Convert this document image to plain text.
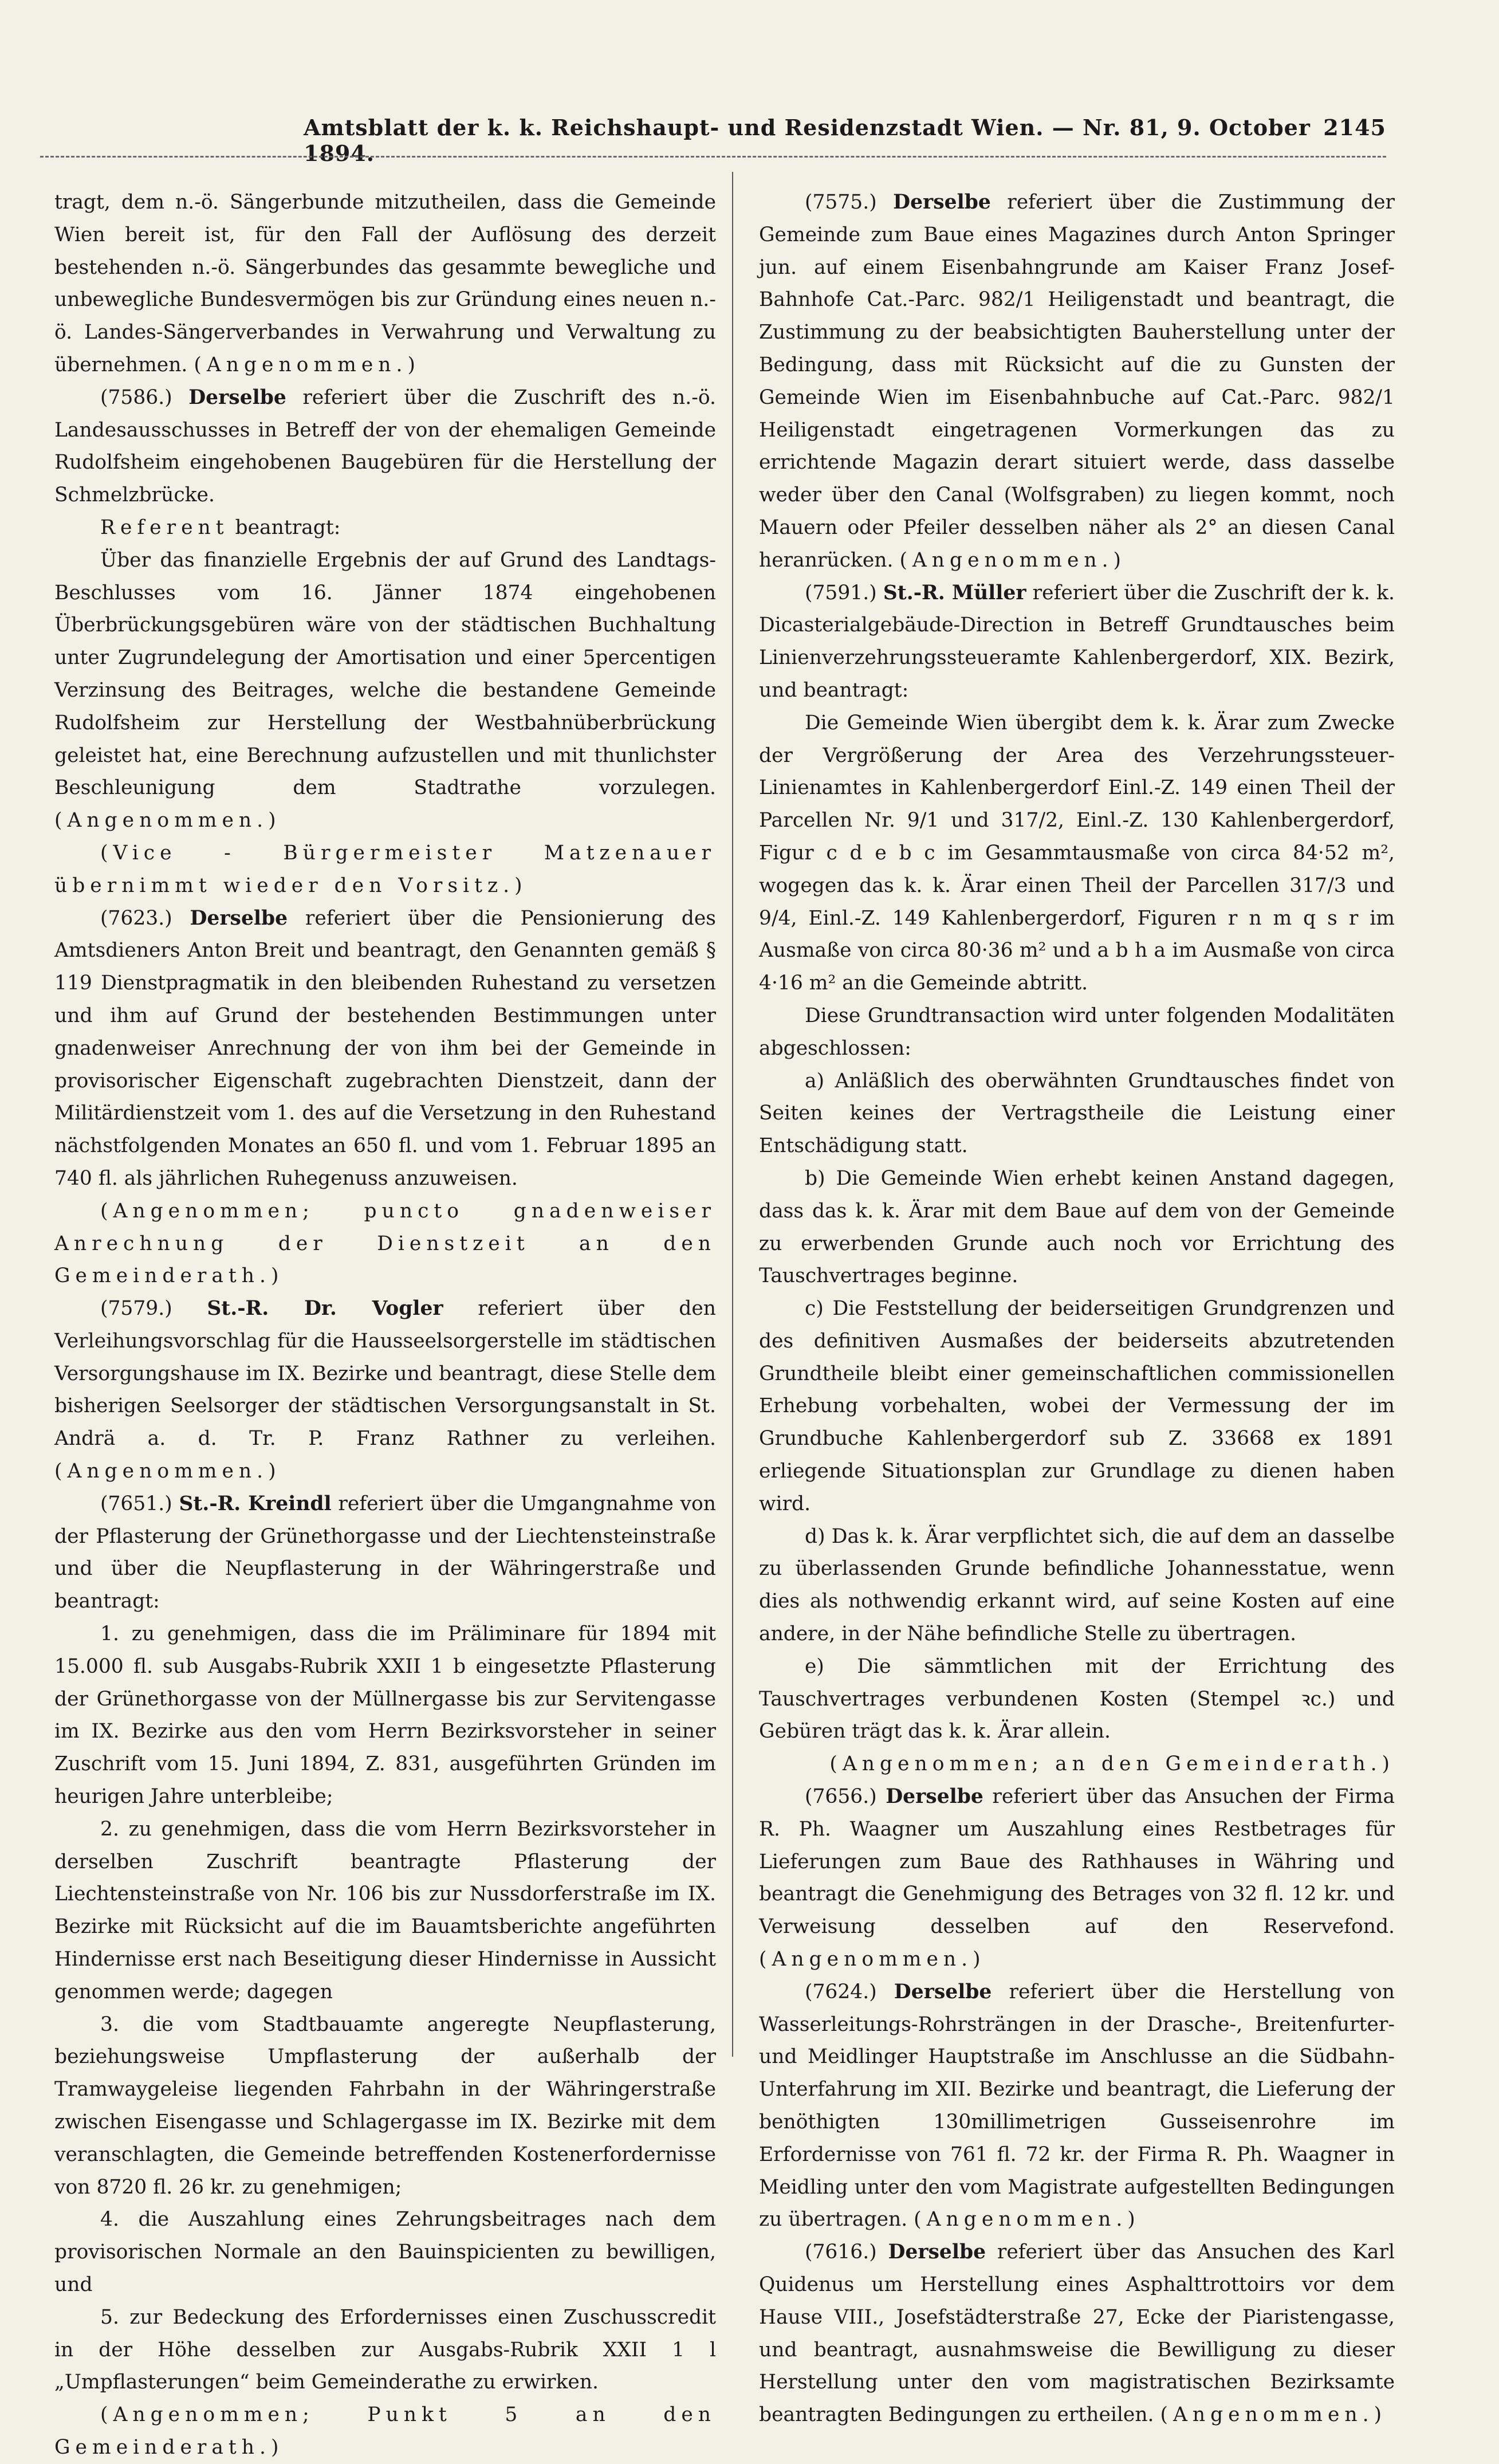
Amtsblatt der k. k. Reichshaupt- und Residenzstadt Wien. — Nr. 81, 9. October 1894.
2145

tragt, dem n.-ö. Sängerbunde mitzutheilen, dass die Gemeinde Wien bereit ist, für den Fall der Auflösung des derzeit bestehenden n.-ö. Sängerbundes das gesammte bewegliche und unbewegliche Bundesvermögen bis zur Gründung eines neuen n.-ö. Landes-Sängerverbandes in Verwahrung und Verwaltung zu übernehmen. (Angenommen.)

(7586.) Derselbe referiert über die Zuschrift des n.-ö. Landesausschusses in Betreff der von der ehemaligen Gemeinde Rudolfsheim eingehobenen Baugebüren für die Herstellung der Schmelzbrücke.

Referent beantragt:

Über das finanzielle Ergebnis der auf Grund des Landtags-Beschlusses vom 16. Jänner 1874 eingehobenen Überbrückungsgebüren wäre von der städtischen Buchhaltung unter Zugrundelegung der Amortisation und einer 5percentigen Verzinsung des Beitrages, welche die bestandene Gemeinde Rudolfsheim zur Herstellung der Westbahnüberbrückung geleistet hat, eine Berechnung aufzustellen und mit thunlichster Beschleunigung dem Stadtrathe vorzulegen. (Angenommen.)

(Vice - Bürgermeister Matzenauer übernimmt wieder den Vorsitz.)

(7623.) Derselbe referiert über die Pensionierung des Amtsdieners Anton Breit und beantragt, den Genannten gemäß § 119 Dienstpragmatik in den bleibenden Ruhestand zu versetzen und ihm auf Grund der bestehenden Bestimmungen unter gnadenweiser Anrechnung der von ihm bei der Gemeinde in provisorischer Eigenschaft zugebrachten Dienstzeit, dann der Militärdienstzeit vom 1. des auf die Versetzung in den Ruhestand nächstfolgenden Monates an 650 fl. und vom 1. Februar 1895 an 740 fl. als jährlichen Ruhegenuss anzuweisen.

(Angenommen; puncto gnadenweiser Anrechnung der Dienstzeit an den Gemeinderath.)

(7579.) St.-R. Dr. Vogler referiert über den Verleihungsvorschlag für die Hausseelsorgerstelle im städtischen Versorgungshause im IX. Bezirke und beantragt, diese Stelle dem bisherigen Seelsorger der städtischen Versorgungsanstalt in St. Andrä a. d. Tr. P. Franz Rathner zu verleihen. (Angenommen.)

(7651.) St.-R. Kreindl referiert über die Umgangnahme von der Pflasterung der Grünethorgasse und der Liechtensteinstraße und über die Neupflasterung in der Währingerstraße und beantragt:

1. zu genehmigen, dass die im Präliminare für 1894 mit 15.000 fl. sub Ausgabs-Rubrik XXII 1 b eingesetzte Pflasterung der Grünethorgasse von der Müllnergasse bis zur Servitengasse im IX. Bezirke aus den vom Herrn Bezirksvorsteher in seiner Zuschrift vom 15. Juni 1894, Z. 831, ausgeführten Gründen im heurigen Jahre unterbleibe;

2. zu genehmigen, dass die vom Herrn Bezirksvorsteher in derselben Zuschrift beantragte Pflasterung der Liechtensteinstraße von Nr. 106 bis zur Nussdorferstraße im IX. Bezirke mit Rücksicht auf die im Bauamtsberichte angeführten Hindernisse erst nach Beseitigung dieser Hindernisse in Aussicht genommen werde; dagegen

3. die vom Stadtbauamte angeregte Neupflasterung, beziehungsweise Umpflasterung der außerhalb der Tramwaygeleise liegenden Fahrbahn in der Währingerstraße zwischen Eisengasse und Schlagergasse im IX. Bezirke mit dem veranschlagten, die Gemeinde betreffenden Kostenerfordernisse von 8720 fl. 26 kr. zu genehmigen;

4. die Auszahlung eines Zehrungsbeitrages nach dem provisorischen Normale an den Bauinspicienten zu bewilligen, und

5. zur Bedeckung des Erfordernisses einen Zuschusscredit in der Höhe desselben zur Ausgabs-Rubrik XXII 1 l „Umpflasterungen“ beim Gemeinderathe zu erwirken.

(Angenommen; Punkt 5 an den Gemeinderath.)

(7575.) Derselbe referiert über die Zustimmung der Gemeinde zum Baue eines Magazines durch Anton Springer jun. auf einem Eisenbahngrunde am Kaiser Franz Josef-Bahnhofe Cat.-Parc. 982/1 Heiligenstadt und beantragt, die Zustimmung zu der beabsichtigten Bauherstellung unter der Bedingung, dass mit Rücksicht auf die zu Gunsten der Gemeinde Wien im Eisenbahnbuche auf Cat.-Parc. 982/1 Heiligenstadt eingetragenen Vormerkungen das zu errichtende Magazin derart situiert werde, dass dasselbe weder über den Canal (Wolfsgraben) zu liegen kommt, noch Mauern oder Pfeiler desselben näher als 2° an diesen Canal heranrücken. (Angenommen.)

(7591.) St.-R. Müller referiert über die Zuschrift der k. k. Dicasterialgebäude-Direction in Betreff Grundtausches beim Linienverzehrungssteueramte Kahlenbergerdorf, XIX. Bezirk, und beantragt:

Die Gemeinde Wien übergibt dem k. k. Ärar zum Zwecke der Vergrößerung der Area des Verzehrungssteuer-Linienamtes in Kahlenbergerdorf Einl.-Z. 149 einen Theil der Parcellen Nr. 9/1 und 317/2, Einl.-Z. 130 Kahlenbergerdorf, Figur c d e b c im Gesammtausmaße von circa 84·52 m², wogegen das k. k. Ärar einen Theil der Parcellen 317/3 und 9/4, Einl.-Z. 149 Kahlenbergerdorf, Figuren r n m q s r im Ausmaße von circa 80·36 m² und a b h a im Ausmaße von circa 4·16 m² an die Gemeinde abtritt.

Diese Grundtransaction wird unter folgenden Modalitäten abgeschlossen:

a) Anläßlich des oberwähnten Grundtausches findet von Seiten keines der Vertragstheile die Leistung einer Entschädigung statt.

b) Die Gemeinde Wien erhebt keinen Anstand dagegen, dass das k. k. Ärar mit dem Baue auf dem von der Gemeinde zu erwerbenden Grunde auch noch vor Errichtung des Tauschvertrages beginne.

c) Die Feststellung der beiderseitigen Grundgrenzen und des definitiven Ausmaßes der beiderseits abzutretenden Grundtheile bleibt einer gemeinschaftlichen commissionellen Erhebung vorbehalten, wobei der Vermessung der im Grundbuche Kahlenbergerdorf sub Z. 33668 ex 1891 erliegende Situationsplan zur Grundlage zu dienen haben wird.

d) Das k. k. Ärar verpflichtet sich, die auf dem an dasselbe zu überlassenden Grunde befindliche Johannesstatue, wenn dies als nothwendig erkannt wird, auf seine Kosten auf eine andere, in der Nähe befindliche Stelle zu übertragen.

e) Die sämmtlichen mit der Errichtung des Tauschvertrages verbundenen Kosten (Stempel ꝛc.) und Gebüren trägt das k. k. Ärar allein.

(Angenommen; an den Gemeinderath.)

(7656.) Derselbe referiert über das Ansuchen der Firma R. Ph. Waagner um Auszahlung eines Restbetrages für Lieferungen zum Baue des Rathhauses in Währing und beantragt die Genehmigung des Betrages von 32 fl. 12 kr. und Verweisung desselben auf den Reservefond. (Angenommen.)

(7624.) Derselbe referiert über die Herstellung von Wasserleitungs-Rohrsträngen in der Drasche-, Breitenfurter- und Meidlinger Hauptstraße im Anschlusse an die Südbahn-Unterfahrung im XII. Bezirke und beantragt, die Lieferung der benöthigten 130millimetrigen Gusseisenrohre im Erfordernisse von 761 fl. 72 kr. der Firma R. Ph. Waagner in Meidling unter den vom Magistrate aufgestellten Bedingungen zu übertragen. (Angenommen.)

(7616.) Derselbe referiert über das Ansuchen des Karl Quidenus um Herstellung eines Asphalttrottoirs vor dem Hause VIII., Josefstädterstraße 27, Ecke der Piaristengasse, und beantragt, ausnahmsweise die Bewilligung zu dieser Herstellung unter den vom magistratischen Bezirksamte beantragten Bedingungen zu ertheilen. (Angenommen.)
